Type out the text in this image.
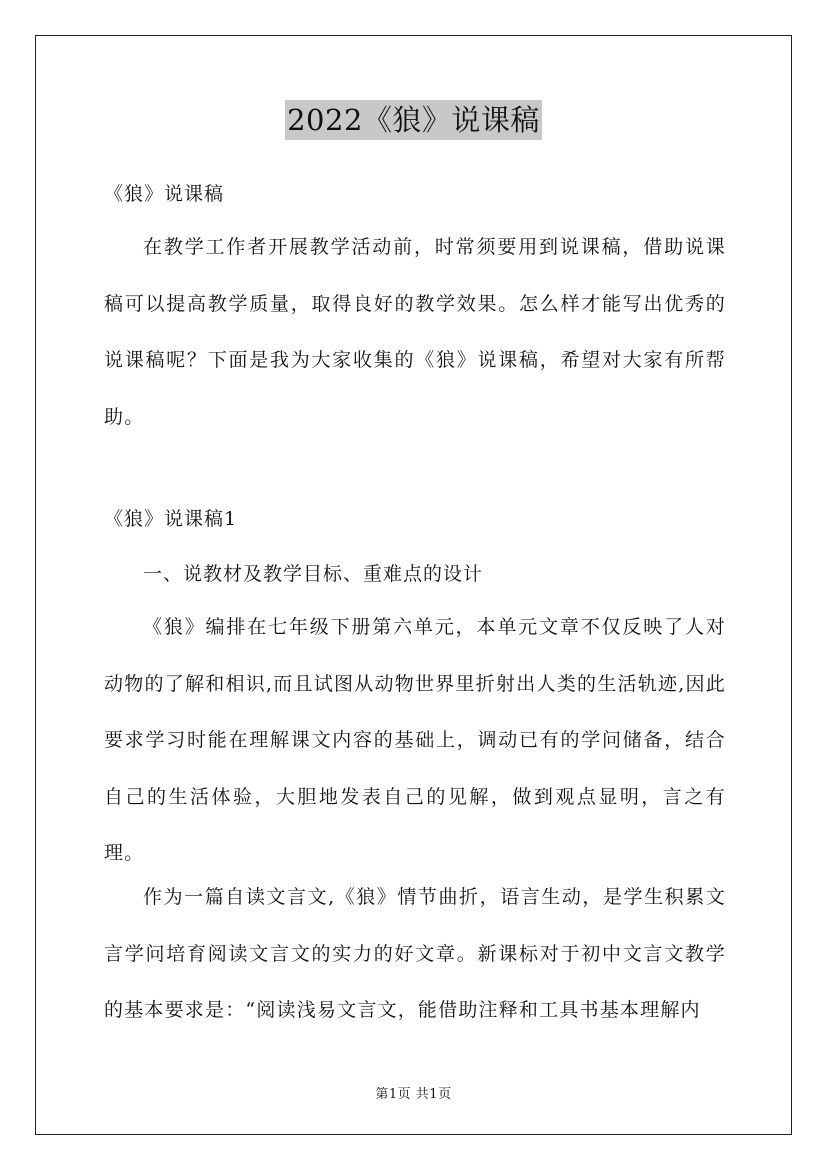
2022《狼》说课稿

《狼》说课稿

在教学工作者开展教学活动前，时常须要用到说课稿，借助说课稿可以提高教学质量，取得良好的教学效果。怎么样才能写出优秀的说课稿呢？下面是我为大家收集的《狼》说课稿，希望对大家有所帮助。

《狼》说课稿1

一、说教材及教学目标、重难点的设计

《狼》编排在七年级下册第六单元，本单元文章不仅反映了人对动物的了解和相识,而且试图从动物世界里折射出人类的生活轨迹,因此要求学习时能在理解课文内容的基础上，调动已有的学问储备，结合自己的生活体验，大胆地发表自己的见解，做到观点显明，言之有理。

作为一篇自读文言文,《狼》情节曲折，语言生动，是学生积累文言学问培育阅读文言文的实力的好文章。新课标对于初中文言文教学的基本要求是：“阅读浅易文言文，能借助注释和工具书基本理解内

第1页 共1页
